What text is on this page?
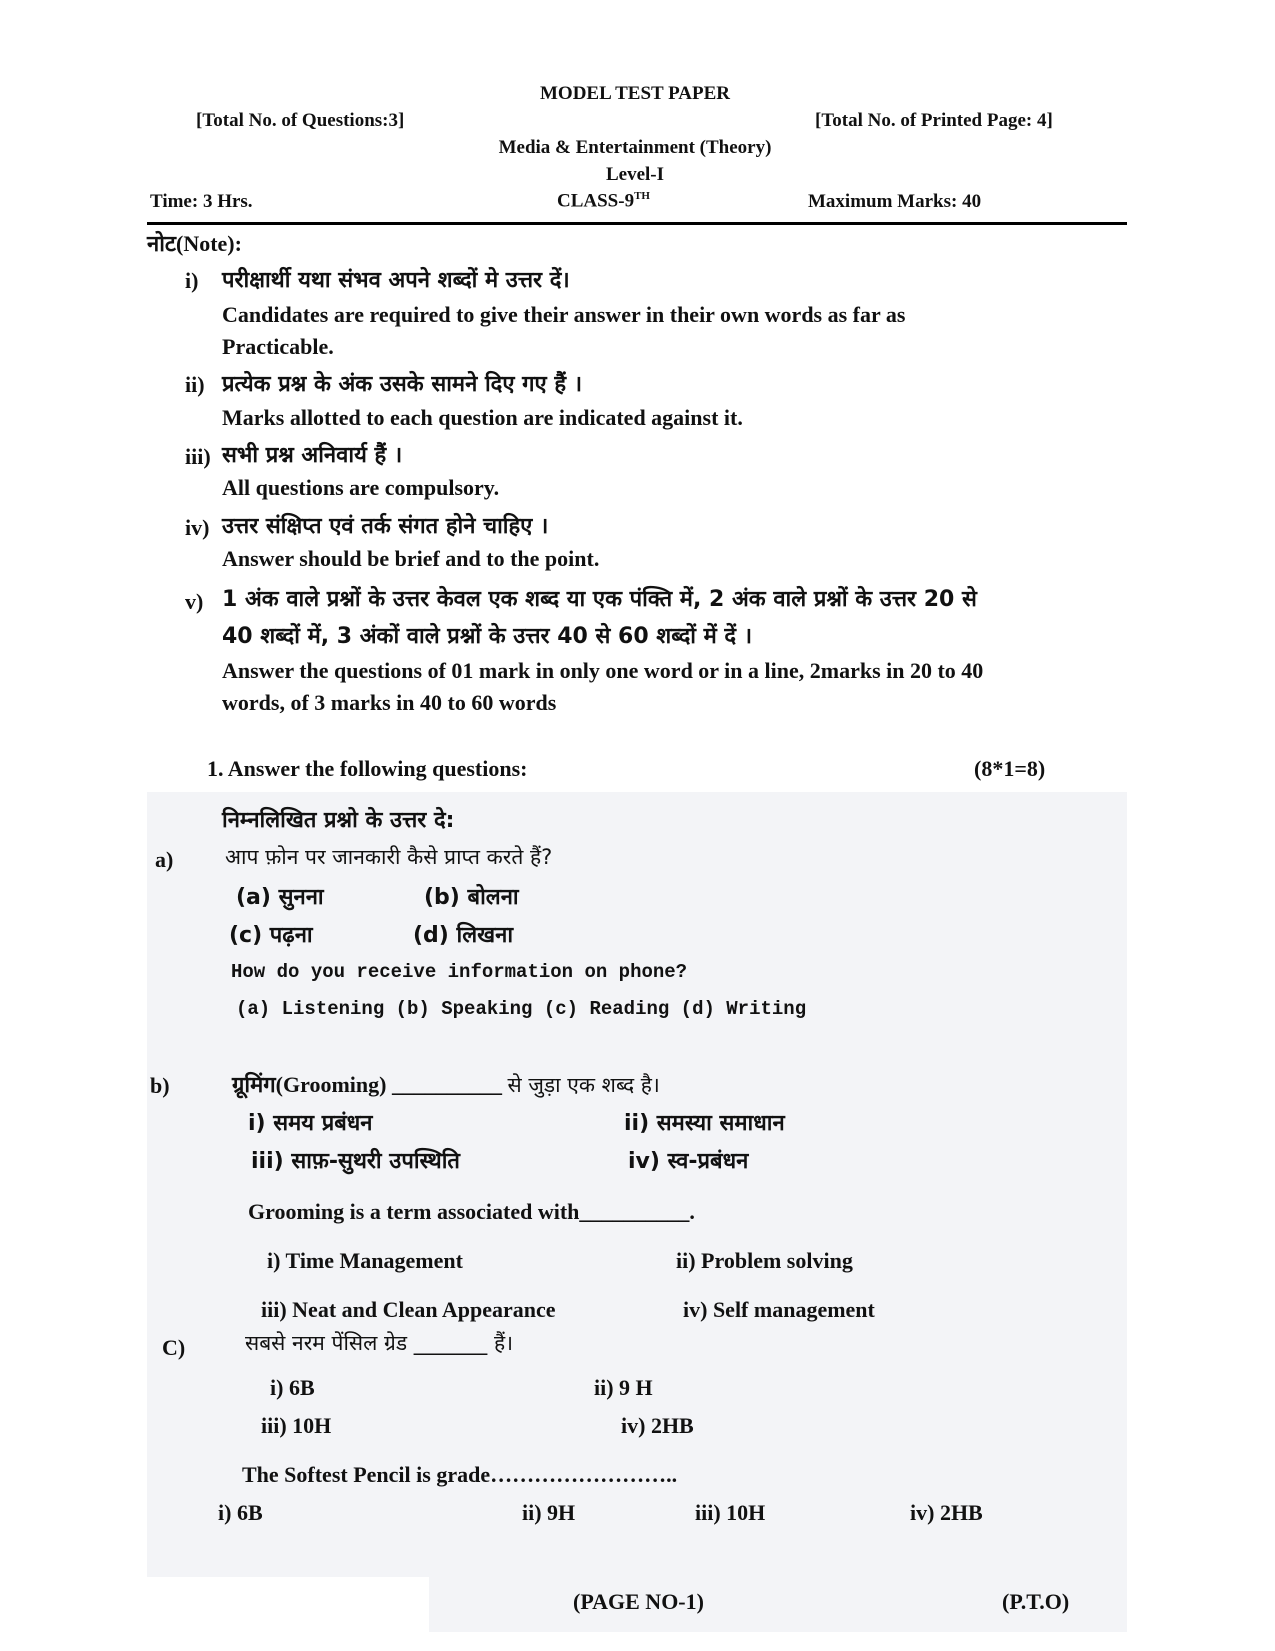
MODEL TEST PAPER
[Total No. of Questions:3]	[Total No. of Printed Page: 4]
Media & Entertainment (Theory)
Level-I
Time: 3 Hrs.	CLASS-9TH	Maximum Marks: 40
नोट(Note):
i) परीक्षार्थी यथा संभव अपने शब्दों मे उत्तर दें।
Candidates are required to give their answer in their own words as far as
Practicable.
ii) प्रत्येक प्रश्न के अंक उसके सामने दिए गए हैं ।
Marks allotted to each question are indicated against it.
iii) सभी प्रश्न अनिवार्य हैं ।
All questions are compulsory.
iv) उत्तर संक्षिप्त एवं तर्क संगत होने चाहिए ।
Answer should be brief and to the point.
v) 1 अंक वाले प्रश्नों के उत्तर केवल एक शब्द या एक पंक्ति में, 2 अंक वाले प्रश्नों के उत्तर 20 से
40 शब्दों में, 3 अंकों वाले प्रश्नों के उत्तर 40 से 60 शब्दों में दें ।
Answer the questions of 01 mark in only one word or in a line, 2marks in 20 to 40
words, of 3 marks in 40 to 60 words
1. Answer the following questions:	(8*1=8)
निम्नलिखित प्रश्नो के उत्तर दे:
a) आप फ़ोन पर जानकारी कैसे प्राप्त करते हैं?
(a) सुनना	(b) बोलना
(c) पढ़ना	(d) लिखना
How do you receive information on phone?
(a) Listening (b) Speaking (c) Reading (d) Writing
b)	ग्रूमिंग(Grooming) __________ से जुड़ा एक शब्द है।
i) समय प्रबंधन	ii) समस्या समाधान
iii) साफ़-सुथरी उपस्थिति	iv) स्व-प्रबंधन
Grooming is a term associated with__________.
i) Time Management	ii) Problem solving
iii) Neat and Clean Appearance	iv) Self management
C)	सबसे नरम पेंसिल ग्रेड _______ हैं।
i) 6B	ii) 9 H
iii) 10H	iv) 2HB
The Softest Pencil is grade……………………..
i) 6B	ii) 9H	iii) 10H	iv) 2HB
(PAGE NO-1)	(P.T.O)
